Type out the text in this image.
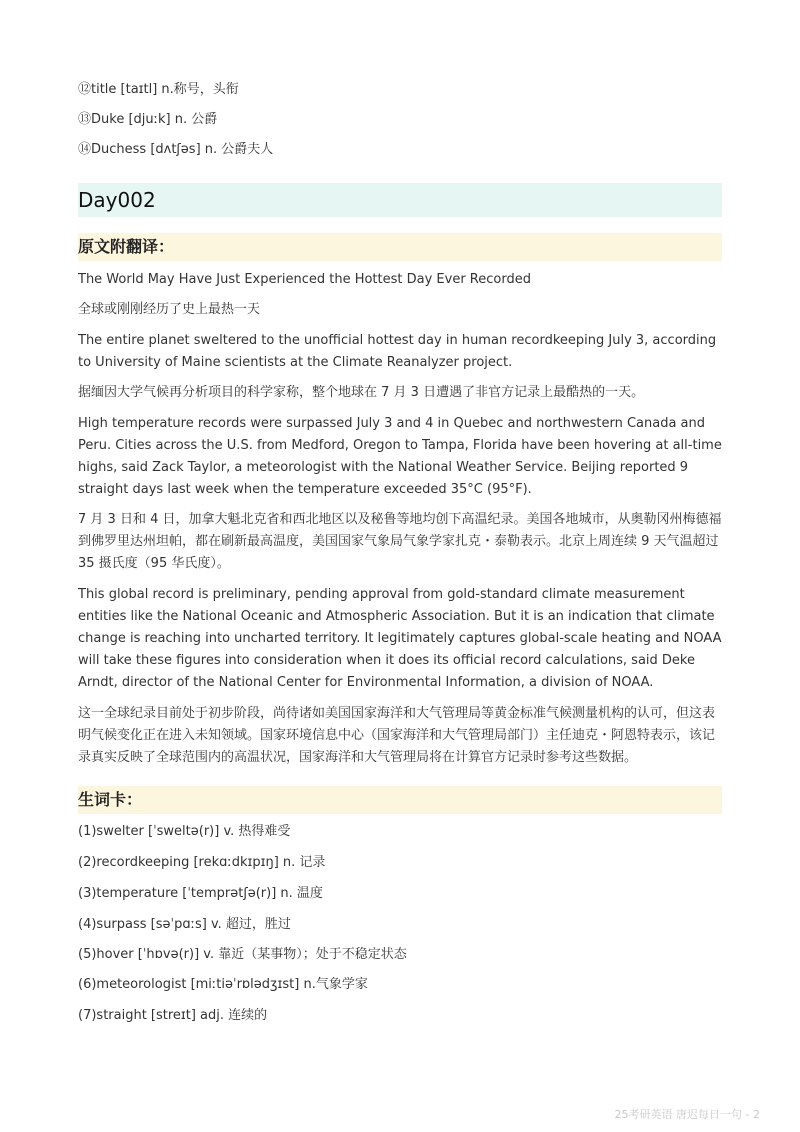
⑫title [taɪtl] n.称号，头衔
⑬Duke [djuːk] n. 公爵
⑭Duchess [dʌtʃəs] n. 公爵夫人
Day002
原文附翻译：
The World May Have Just Experienced the Hottest Day Ever Recorded
全球或刚刚经历了史上最热一天
The entire planet sweltered to the unofficial hottest day in human recordkeeping July 3, according to University of Maine scientists at the Climate Reanalyzer project.
据缅因大学气候再分析项目的科学家称，整个地球在 7 月 3 日遭遇了非官方记录上最酷热的一天。
High temperature records were surpassed July 3 and 4 in Quebec and northwestern Canada and Peru. Cities across the U.S. from Medford, Oregon to Tampa, Florida have been hovering at all-time highs, said Zack Taylor, a meteorologist with the National Weather Service. Beijing reported 9 straight days last week when the temperature exceeded 35°C (95°F).
7 月 3 日和 4 日，加拿大魁北克省和西北地区以及秘鲁等地均创下高温纪录。美国各地城市，从奥勒冈州梅德福到佛罗里达州坦帕，都在刷新最高温度，美国国家气象局气象学家扎克・泰勒表示。北京上周连续 9 天气温超过 35 摄氏度（95 华氏度）。
This global record is preliminary, pending approval from gold-standard climate measurement entities like the National Oceanic and Atmospheric Association. But it is an indication that climate change is reaching into uncharted territory. It legitimately captures global-scale heating and NOAA will take these figures into consideration when it does its official record calculations, said Deke Arndt, director of the National Center for Environmental Information, a division of NOAA.
这一全球纪录目前处于初步阶段，尚待诸如美国国家海洋和大气管理局等黄金标准气候测量机构的认可，但这表明气候变化正在进入未知领域。国家环境信息中心（国家海洋和大气管理局部门）主任迪克・阿恩特表示，该记录真实反映了全球范围内的高温状况，国家海洋和大气管理局将在计算官方记录时参考这些数据。
生词卡：
(1)swelter [ˈsweltə(r)] v. 热得难受
(2)recordkeeping [rekɑːdkɪpɪŋ] n. 记录
(3)temperature [ˈtemprətʃə(r)] n. 温度
(4)surpass [səˈpɑːs] v. 超过，胜过
(5)hover [ˈhɒvə(r)] v. 靠近（某事物）；处于不稳定状态
(6)meteorologist [miːtiəˈrɒlədʒɪst] n.气象学家
(7)straight [streɪt] adj. 连续的
25考研英语 唐迟每日一句 - 2
